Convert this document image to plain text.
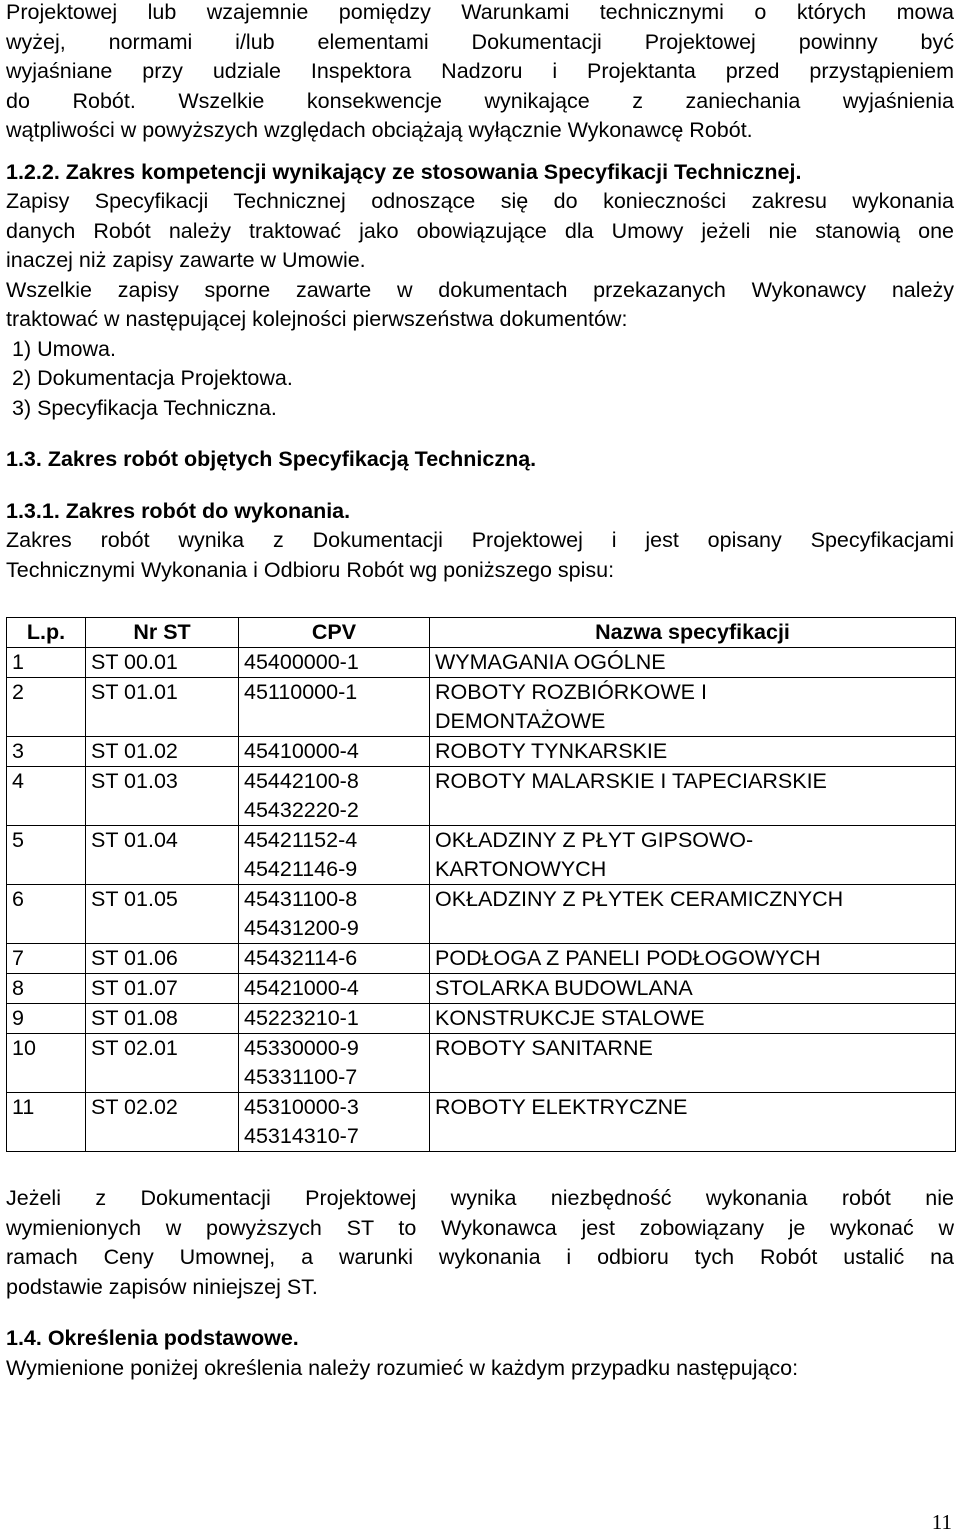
Projektowej lub wzajemnie pomiędzy Warunkami technicznymi o których mowa

wyżej, normami i/lub elementami Dokumentacji Projektowej powinny być

wyjaśniane przy udziale Inspektora Nadzoru i Projektanta przed przystąpieniem

do Robót. Wszelkie konsekwencje wynikające z zaniechania wyjaśnienia

wątpliwości w powyższych względach obciążają wyłącznie Wykonawcę Robót.

1.2.2. Zakres kompetencji wynikający ze stosowania Specyfikacji Technicznej.

Zapisy Specyfikacji Technicznej odnoszące się do konieczności zakresu wykonania

danych Robót należy traktować jako obowiązujące dla Umowy jeżeli nie stanowią one

inaczej niż zapisy zawarte w Umowie.

Wszelkie zapisy sporne zawarte w dokumentach przekazanych Wykonawcy należy

traktować w następującej kolejności pierwszeństwa dokumentów:

1) Umowa.
2) Dokumentacja Projektowa.
3) Specyfikacja Techniczna.

1.3. Zakres robót objętych Specyfikacją Techniczną.

1.3.1. Zakres robót do wykonania.

Zakres robót wynika z Dokumentacji Projektowej i jest opisany Specyfikacjami

Technicznymi Wykonania i Odbioru Robót wg poniższego spisu:

L.p.	Nr ST	CPV	Nazwa specyfikacji
1	ST 00.01	45400000-1	WYMAGANIA OGÓLNE

2	ST 01.01	45110000-1	ROBOTY ROZBIÓRKOWE I
DEMONTAŻOWE

3	ST 01.02	45410000-4	ROBOTY TYNKARSKIE

4	ST 01.03	45442100-8
45432220-2	ROBOTY MALARSKIE I TAPECIARSKIE

5	ST 01.04	45421152-4
45421146-9	OKŁADZINY Z PŁYT GIPSOWO-
KARTONOWYCH

6	ST 01.05	45431100-8
45431200-9	OKŁADZINY Z PŁYTEK CERAMICZNYCH

7	ST 01.06	45432114-6	PODŁOGA Z PANELI PODŁOGOWYCH

8	ST 01.07	45421000-4	STOLARKA BUDOWLANA

9	ST 01.08	45223210-1	KONSTRUKCJE STALOWE

10	ST 02.01	45330000-9
45331100-7	ROBOTY SANITARNE

11	ST 02.02	45310000-3
45314310-7	ROBOTY ELEKTRYCZNE

Jeżeli z Dokumentacji Projektowej wynika niezbędność wykonania robót nie

wymienionych w powyższych ST to Wykonawca jest zobowiązany je wykonać w

ramach Ceny Umownej, a warunki wykonania i odbioru tych Robót ustalić na

podstawie zapisów niniejszej ST.

1.4. Określenia podstawowe.

Wymienione poniżej określenia należy rozumieć w każdym przypadku następująco:

11
